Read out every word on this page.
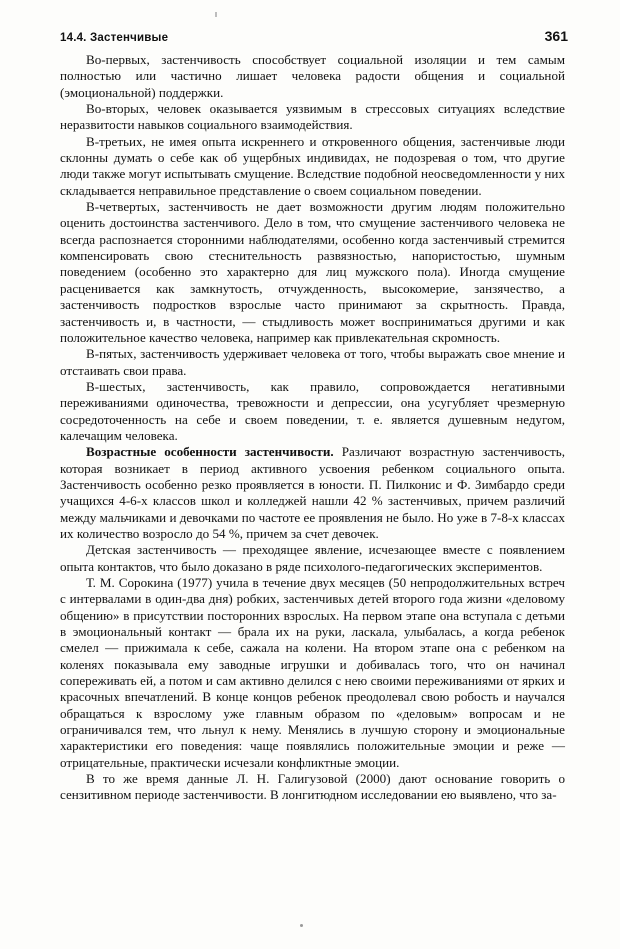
14.4. Застенчивые	361

Во-первых, застенчивость способствует социальной изоляции и тем самым полностью или частично лишает человека радости общения и социальной (эмоциональной) поддержки.

Во-вторых, человек оказывается уязвимым в стрессовых ситуациях вследствие неразвитости навыков социального взаимодействия.

В-третьих, не имея опыта искреннего и откровенного общения, застенчивые люди склонны думать о себе как об ущербных индивидах, не подозревая о том, что другие люди также могут испытывать смущение. Вследствие подобной неосведомленности у них складывается неправильное представление о своем социальном поведении.

В-четвертых, застенчивость не дает возможности другим людям положительно оценить достоинства застенчивого. Дело в том, что смущение застенчивого человека не всегда распознается сторонними наблюдателями, особенно когда застенчивый стремится компенсировать свою стеснительность развязностью, напористостью, шумным поведением (особенно это характерно для лиц мужского пола). Иногда смущение расценивается как замкнутость, отчужденность, высокомерие, занзячество, а застенчивость подростков взрослые часто принимают за скрытность. Правда, застенчивость и, в частности, — стыдливость может восприниматься другими и как положительное качество человека, например как привлекательная скромность.

В-пятых, застенчивость удерживает человека от того, чтобы выражать свое мнение и отстаивать свои права.

В-шестых, застенчивость, как правило, сопровождается негативными переживаниями одиночества, тревожности и депрессии, она усугубляет чрезмерную сосредоточенность на себе и своем поведении, т. е. является душевным недугом, калечащим человека.

Возрастные особенности застенчивости. Различают возрастную застенчивость, которая возникает в период активного усвоения ребенком социального опыта. Застенчивость особенно резко проявляется в юности. П. Пилконис и Ф. Зимбардо среди учащихся 4-6-х классов школ и колледжей нашли 42 % застенчивых, причем различий между мальчиками и девочками по частоте ее проявления не было. Но уже в 7-8-х классах их количество возросло до 54 %, причем за счет девочек.

Детская застенчивость — преходящее явление, исчезающее вместе с появлением опыта контактов, что было доказано в ряде психолого-педагогических экспериментов.

Т. М. Сорокина (1977) учила в течение двух месяцев (50 непродолжительных встреч с интервалами в один-два дня) робких, застенчивых детей второго года жизни «деловому общению» в присутствии посторонних взрослых. На первом этапе она вступала с детьми в эмоциональный контакт — брала их на руки, ласкала, улыбалась, а когда ребенок смелел — прижимала к себе, сажала на колени. На втором этапе она с ребенком на коленях показывала ему заводные игрушки и добивалась того, что он начинал сопереживать ей, а потом и сам активно делился с нею своими переживаниями от ярких и красочных впечатлений. В конце концов ребенок преодолевал свою робость и научался обращаться к взрослому уже главным образом по «деловым» вопросам и не ограничивался тем, что льнул к нему. Менялись в лучшую сторону и эмоциональные характеристики его поведения: чаще появлялись положительные эмоции и реже — отрицательные, практически исчезали конфликтные эмоции.

В то же время данные Л. Н. Галигузовой (2000) дают основание говорить о сензитивном периоде застенчивости. В лонгитюдном исследовании ею выявлено, что за-
